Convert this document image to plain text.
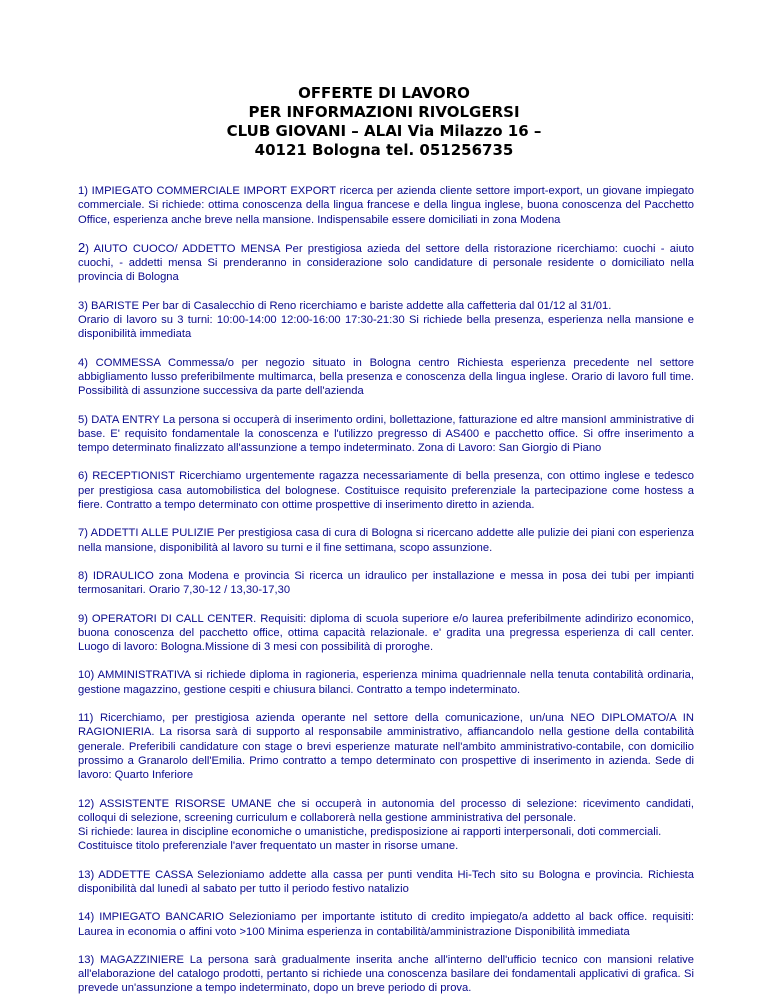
OFFERTE DI LAVORO
PER INFORMAZIONI RIVOLGERSI
CLUB GIOVANI – ALAI Via Milazzo 16 –
40121 Bologna tel. 051256735
1) IMPIEGATO COMMERCIALE IMPORT EXPORT ricerca per azienda cliente settore import-export, un giovane impiegato commerciale. Si richiede: ottima conoscenza della lingua francese e della lingua inglese, buona conoscenza del Pacchetto Office, esperienza anche breve nella mansione. Indispensabile essere domiciliati in zona Modena
2) AIUTO CUOCO/ ADDETTO MENSA Per prestigiosa azieda del settore della ristorazione ricerchiamo: cuochi - aiuto cuochi, - addetti mensa Si prenderanno in considerazione solo candidature di personale residente o domiciliato nella provincia di Bologna
3) BARISTE Per bar di Casalecchio di Reno ricerchiamo e bariste addette alla caffetteria dal 01/12 al 31/01.
Orario di lavoro su 3 turni: 10:00-14:00 12:00-16:00 17:30-21:30 Si richiede bella presenza, esperienza nella mansione e disponibilità immediata
4) COMMESSA Commessa/o per negozio situato in Bologna centro Richiesta esperienza precedente nel settore abbigliamento lusso preferibilmente multimarca, bella presenza e conoscenza della lingua inglese. Orario di lavoro full time. Possibilità di assunzione successiva da parte dell'azienda
5) DATA ENTRY La persona si occuperà di inserimento ordini, bollettazione, fatturazione ed altre mansionI amministrative di base. E' requisito fondamentale la conoscenza e l'utilizzo pregresso di AS400 e pacchetto office. Si offre inserimento a tempo determinato finalizzato all'assunzione a tempo indeterminato. Zona di Lavoro: San Giorgio di Piano
6) RECEPTIONIST Ricerchiamo urgentemente ragazza necessariamente di bella presenza, con ottimo inglese e tedesco per prestigiosa casa automobilistica del bolognese. Costituisce requisito preferenziale la partecipazione come hostess a fiere. Contratto a tempo determinato con ottime prospettive di inserimento diretto in azienda.
7) ADDETTI ALLE PULIZIE Per prestigiosa casa di cura di Bologna si ricercano addette alle pulizie dei piani con esperienza nella mansione, disponibilità al lavoro su turni e il fine settimana, scopo assunzione.
8) IDRAULICO zona Modena e provincia Si ricerca un idraulico per installazione e messa in posa dei tubi per impianti termosanitari. Orario 7,30-12 / 13,30-17,30
9) OPERATORI DI CALL CENTER. Requisiti: diploma di scuola superiore e/o laurea preferibilmente adindirizo economico, buona conoscenza del pacchetto office, ottima capacità relazionale. e' gradita una pregressa esperienza di call center. Luogo di lavoro: Bologna.Missione di 3 mesi con possibilità di proroghe.
10) AMMINISTRATIVA si richiede diploma in ragioneria, esperienza minima quadriennale nella tenuta contabilità ordinaria, gestione magazzino, gestione cespiti e chiusura bilanci. Contratto a tempo indeterminato.
11) Ricerchiamo, per prestigiosa azienda operante nel settore della comunicazione, un/una NEO DIPLOMATO/A IN RAGIONIERIA. La risorsa sarà di supporto al responsabile amministrativo, affiancandolo nella gestione della contabilità generale. Preferibili candidature con stage o brevi esperienze maturate nell'ambito amministrativo-contabile, con domicilio prossimo a Granarolo dell'Emilia. Primo contratto a tempo determinato con prospettive di inserimento in azienda. Sede di lavoro: Quarto Inferiore
12) ASSISTENTE RISORSE UMANE che si occuperà in autonomia del processo di selezione: ricevimento candidati, colloqui di selezione, screening curriculum e collaborerà nella gestione amministrativa del personale.
Si richiede: laurea in discipline economiche o umanistiche, predisposizione ai rapporti interpersonali, doti commerciali.
Costituisce titolo preferenziale l'aver frequentato un master in risorse umane.
13) ADDETTE CASSA Selezioniamo addette alla cassa per punti vendita Hi-Tech sito su Bologna e provincia. Richiesta disponibilità dal lunedì al sabato per tutto il periodo festivo natalizio
14) IMPIEGATO BANCARIO Selezioniamo per importante istituto di credito impiegato/a addetto al back office. requisiti: Laurea in economia o affini voto >100 Minima esperienza in contabilità/amministrazione Disponibilità immediata
13) MAGAZZINIERE La persona sarà gradualmente inserita anche all'interno dell'ufficio tecnico con mansioni relative all'elaborazione del catalogo prodotti, pertanto si richiede una conoscenza basilare dei fondamentali applicativi di grafica. Si prevede un'assunzione a tempo indeterminato, dopo un breve periodo di prova.
